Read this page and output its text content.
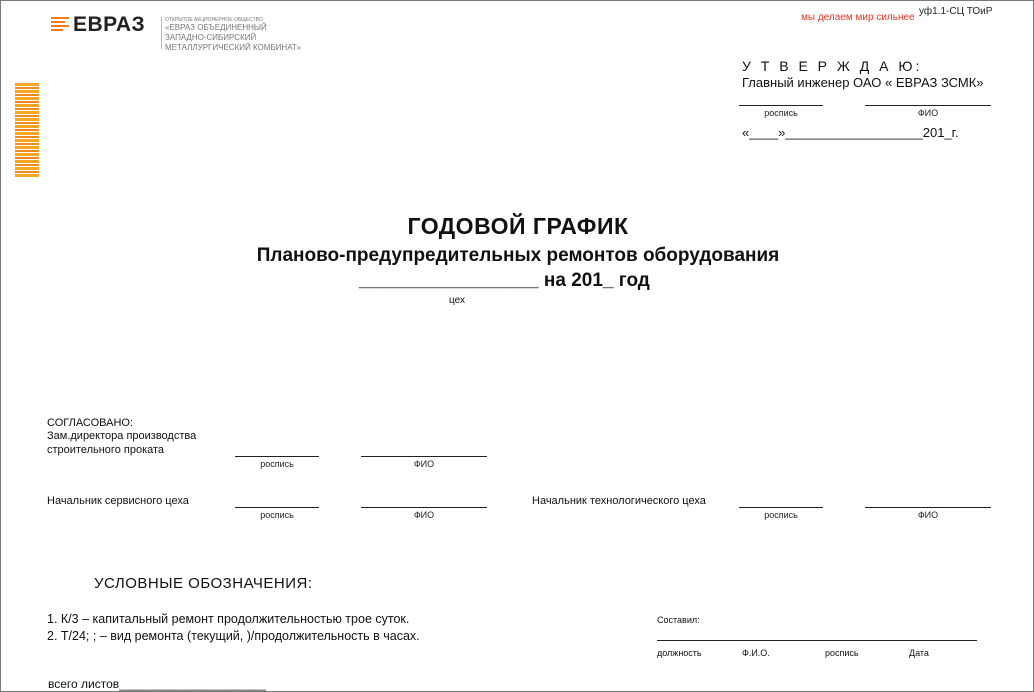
ЕВРАЗ	ОТКРЫТОЕ АКЦИОНЕРНОЕ ОБЩЕСТВО
«ЕВРАЗ ОБЪЕДИНЕННЫЙ
ЗАПАДНО-СИБИРСКИЙ
МЕТАЛЛУРГИЧЕСКИЙ КОМБИНАТ»
мы делаем мир сильнее
уф1.1-СЦ ТОиР
У Т В Е Р Ж Д А Ю:
Главный инженер ОАО « ЕВРАЗ ЗСМК»
роспись	ФИО
«____»___________________201_г.
ГОДОВОЙ ГРАФИК
Планово-предупредительных ремонтов оборудования
_________________ на 201_ год
цех
СОГЛАСОВАНО:
Зам.директора производства
строительного проката
роспись	ФИО
Начальник сервисного цеха
роспись	ФИО
Начальник технологического цеха
роспись	ФИО
УСЛОВНЫЕ ОБОЗНАЧЕНИЯ:
1. К/3 – капитальный ремонт продолжительностью трое суток.
2. Т/24; ; – вид ремонта (текущий, )/продолжительность в часах.
Составил:
должность	Ф.И.О.	роспись	Дата
всего листов______________________
